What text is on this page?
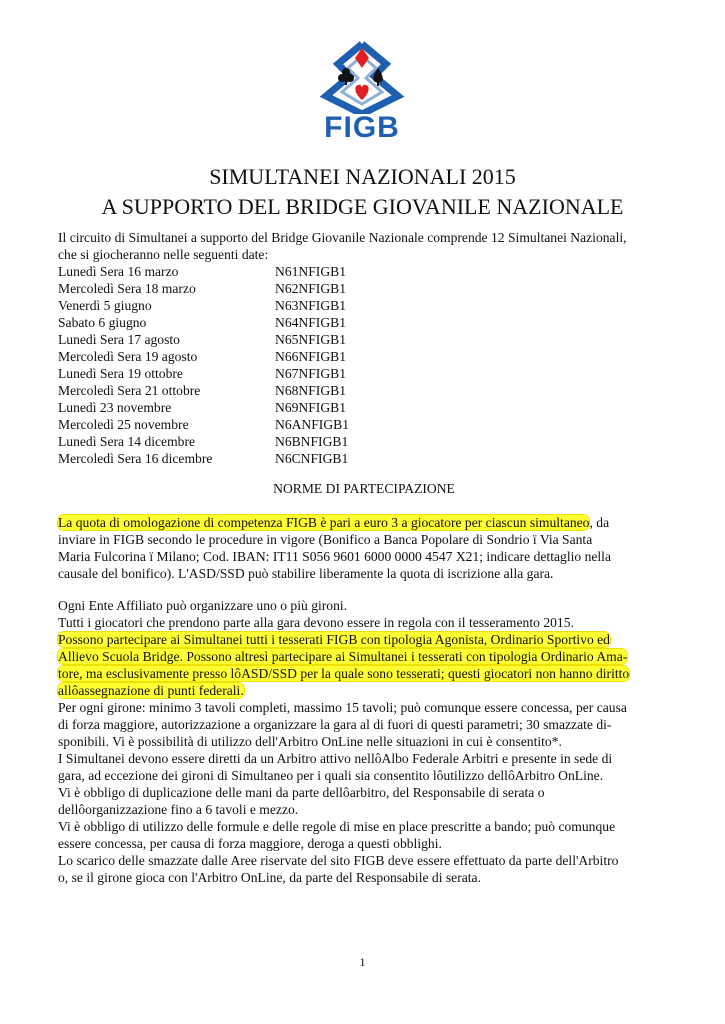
FIGB
SIMULTANEI NAZIONALI 2015
A SUPPORTO DEL BRIDGE GIOVANILE NAZIONALE
Il circuito di Simultanei a supporto del Bridge Giovanile Nazionale comprende 12 Simultanei Nazionali,
che si giocheranno nelle seguenti date:
Lunedì Sera 16 marzo	N61NFIGB1
Mercoledì Sera 18 marzo	N62NFIGB1
Venerdì 5 giugno	N63NFIGB1
Sabato 6 giugno	N64NFIGB1
Lunedì Sera 17 agosto	N65NFIGB1
Mercoledì Sera 19 agosto	N66NFIGB1
Lunedì Sera 19 ottobre	N67NFIGB1
Mercoledì Sera 21 ottobre	N68NFIGB1
Lunedì 23 novembre	N69NFIGB1
Mercoledì 25 novembre	N6ANFIGB1
Lunedì Sera 14 dicembre	N6BNFIGB1
Mercoledì Sera 16 dicembre	N6CNFIGB1
NORME DI PARTECIPAZIONE
La quota di omologazione di competenza FIGB è pari a euro 3 a giocatore per ciascun simultaneo, da
inviare in FIGB secondo le procedure in vigore (Bonifico a Banca Popolare di Sondrio ï Via Santa
Maria Fulcorina ï Milano; Cod. IBAN: IT11 S056 9601 6000 0000 4547 X21; indicare dettaglio nella
causale del bonifico). L'ASD/SSD può stabilire liberamente la quota di iscrizione alla gara.
Ogni Ente Affiliato può organizzare uno o più gironi.
Tutti i giocatori che prendono parte alla gara devono essere in regola con il tesseramento 2015.
Possono partecipare ai Simultanei tutti i tesserati FIGB con tipologia Agonista, Ordinario Sportivo ed
Allievo Scuola Bridge. Possono altresì partecipare ai Simultanei i tesserati con tipologia Ordinario Ama-
tore, ma esclusivamente presso lôASD/SSD per la quale sono tesserati; questi giocatori non hanno diritto
allôassegnazione di punti federali.
Per ogni girone: minimo 3 tavoli completi, massimo 15 tavoli; può comunque essere concessa, per causa
di forza maggiore, autorizzazione a organizzare la gara al di fuori di questi parametri; 30 smazzate di-
sponibili. Vi è possibilità di utilizzo dell'Arbitro OnLine nelle situazioni in cui è consentito*.
I Simultanei devono essere diretti da un Arbitro attivo nellôAlbo Federale Arbitri e presente in sede di
gara, ad eccezione dei gironi di Simultaneo per i quali sia consentito lôutilizzo dellôArbitro OnLine.
Vi è obbligo di duplicazione delle mani da parte dellôarbitro, del Responsabile di serata o
dellôorganizzazione fino a 6 tavoli e mezzo.
Vi è obbligo di utilizzo delle formule e delle regole di mise en place prescritte a bando; può comunque
essere concessa, per causa di forza maggiore, deroga a questi obblighi.
Lo scarico delle smazzate dalle Aree riservate del sito FIGB deve essere effettuato da parte dell'Arbitro
o, se il girone gioca con l'Arbitro OnLine, da parte del Responsabile di serata.
1
